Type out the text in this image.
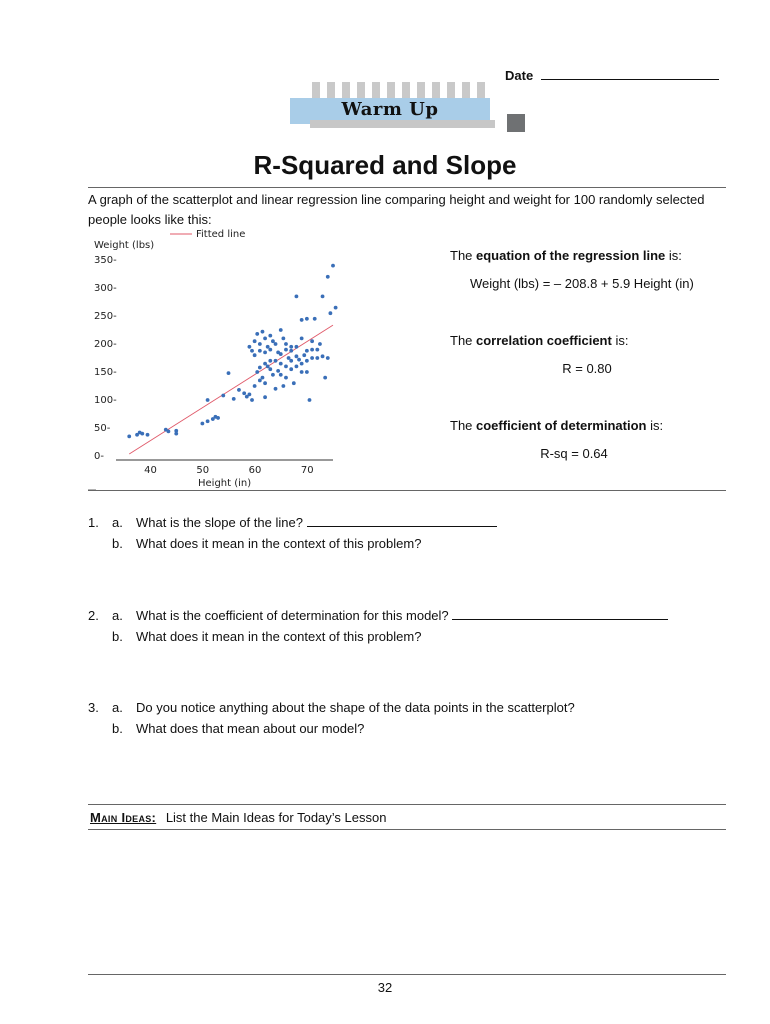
Date
Warm Up
R-Squared and Slope
A graph of the scatterplot and linear regression line comparing height and weight for 100 randomly selected people looks like this:
Fitted line
Weight (lbs)
0-
50-
100-
150-
200-
250-
300-
350-
40	50	60	70
Height (in)
The equation of the regression line is:
Weight (lbs) = – 208.8 + 5.9 Height (in)
The correlation coefficient is:
R = 0.80
The coefficient of determination is:
R-sq = 0.64
1. a. What is the slope of the line?
b. What does it mean in the context of this problem?
2. a. What is the coefficient of determination for this model?
b. What does it mean in the context of this problem?
3. a. Do you notice anything about the shape of the data points in the scatterplot?
b. What does that mean about our model?
Main Ideas: List the Main Ideas for Today’s Lesson
32
